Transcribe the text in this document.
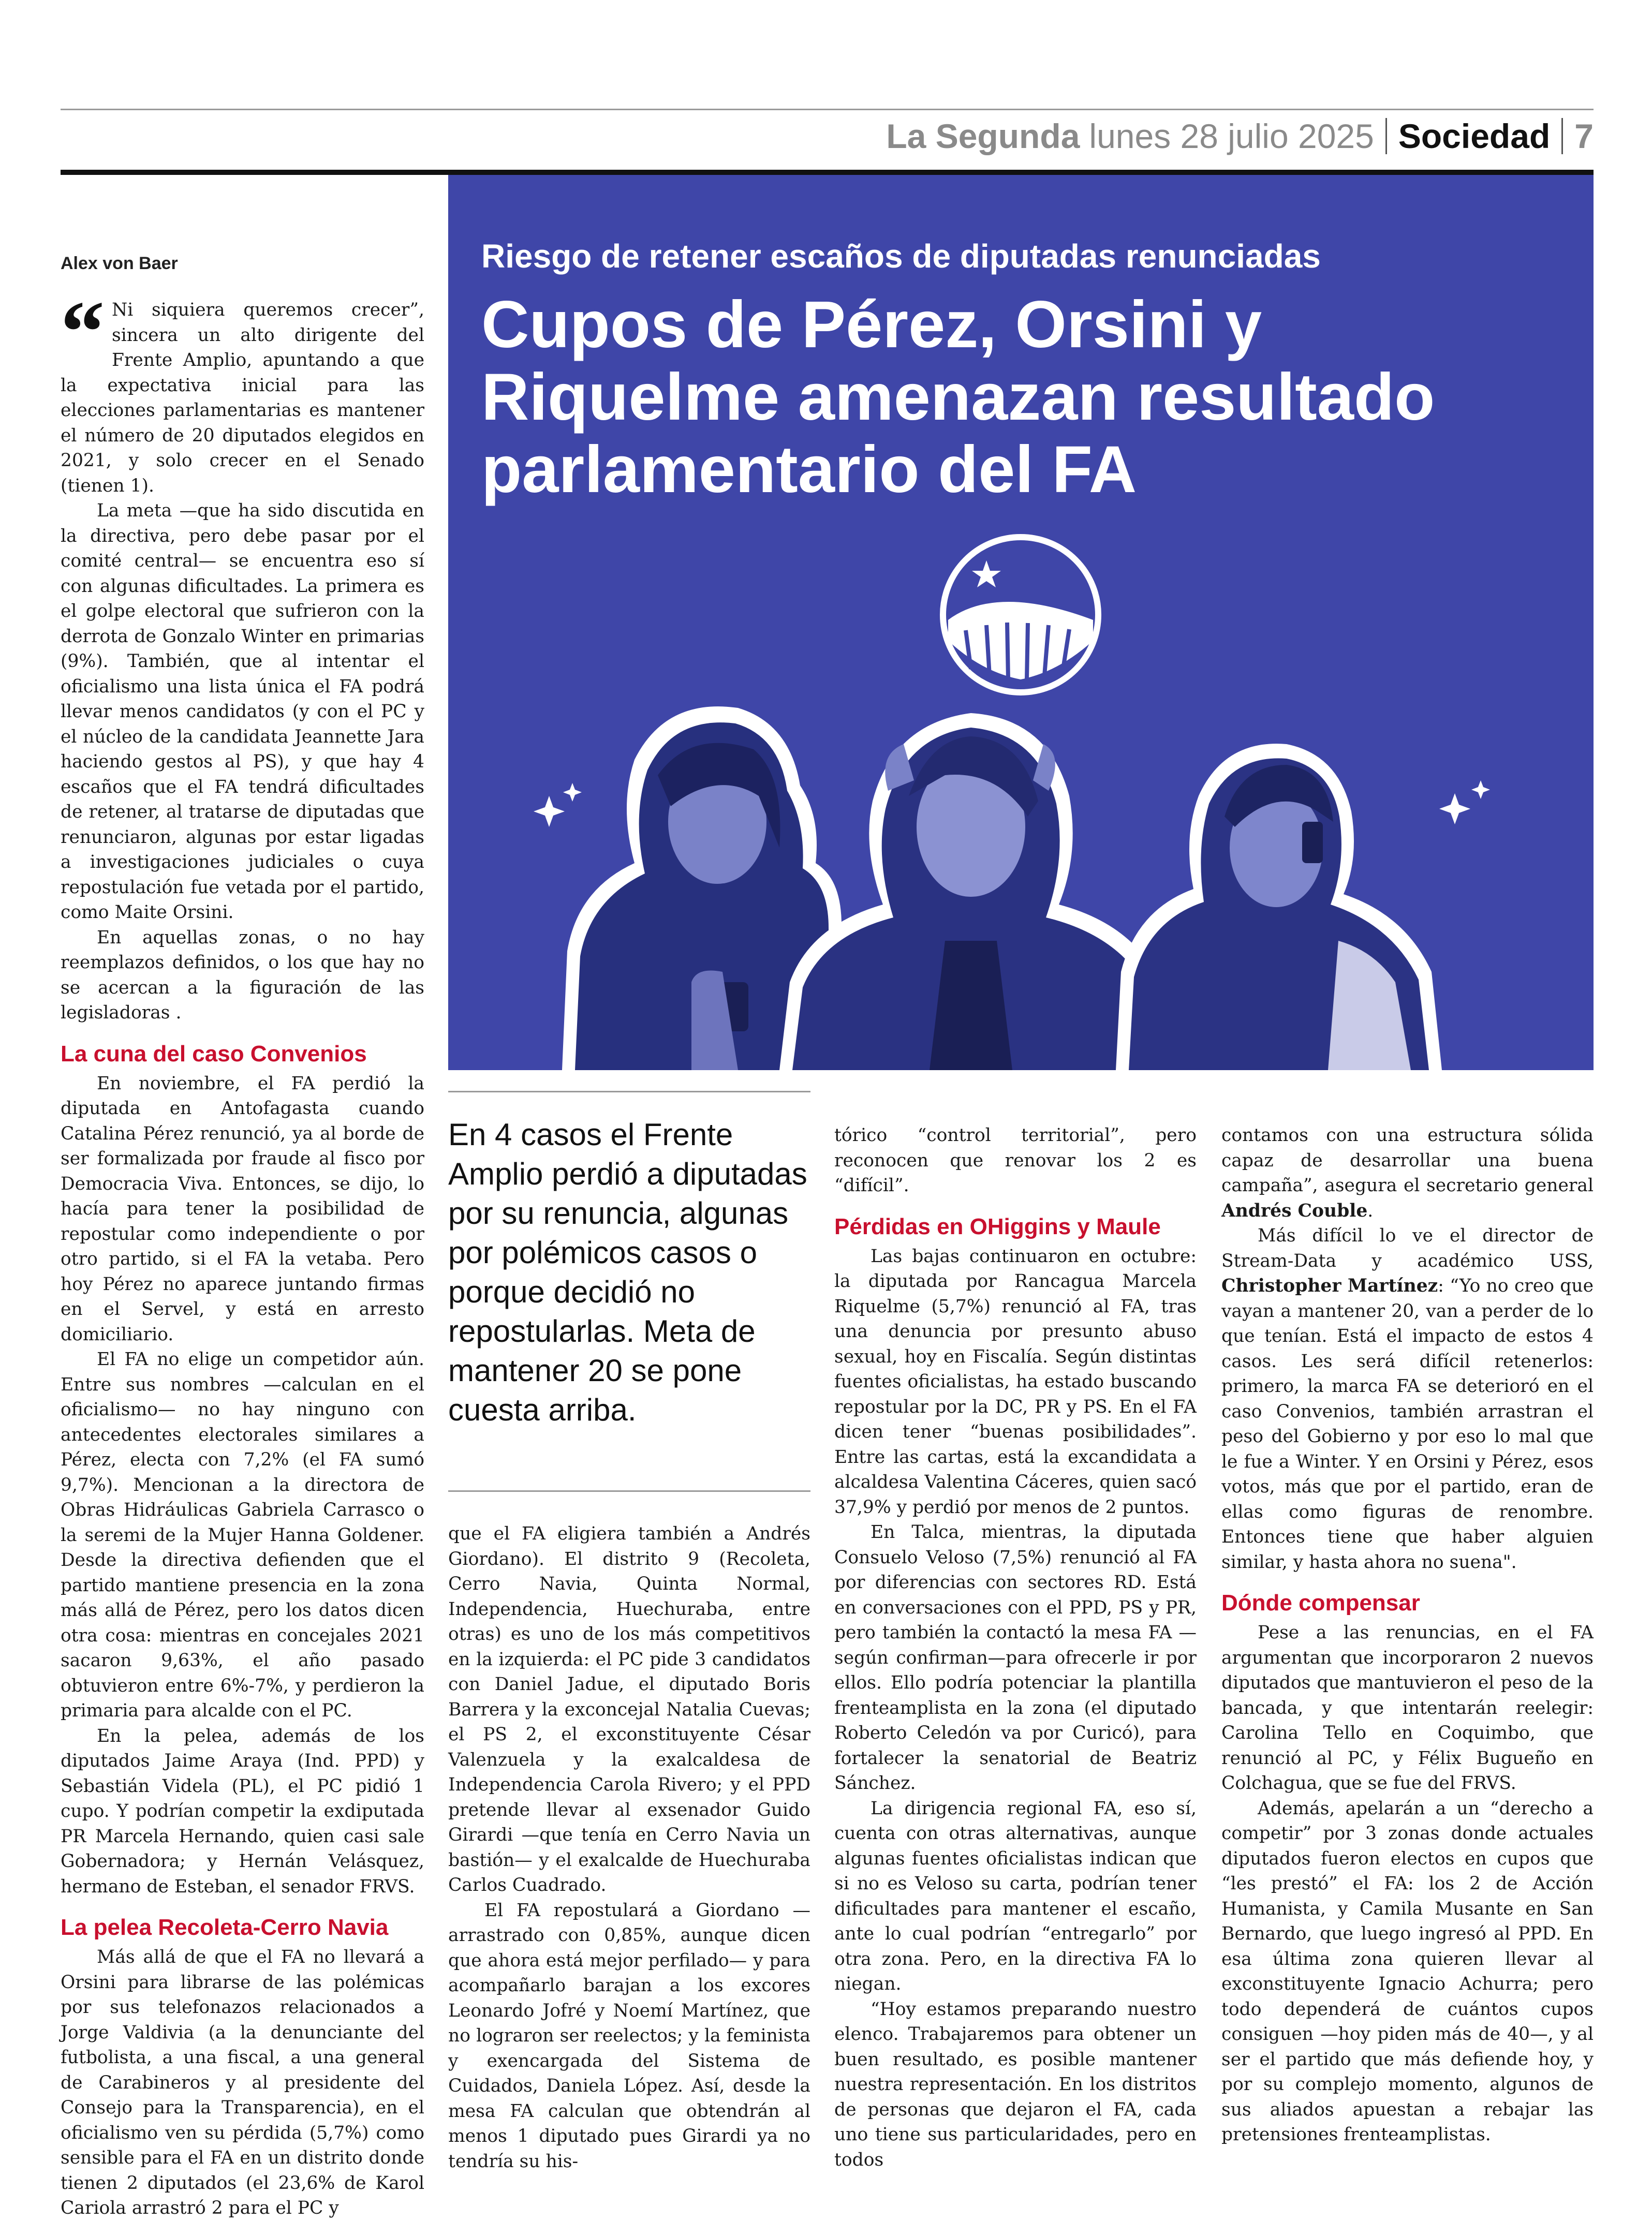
La Segunda lunes 28 julio 2025 Sociedad 7
Riesgo de retener escaños de diputadas renunciadas
Cupos de Pérez, Orsini y Riquelme amenazan resultado parlamentario del FA
Alex von Baer

“ Ni siquiera queremos crecer”, sincera un alto dirigente del Frente Amplio, apuntando a que la expectativa inicial para las elecciones parlamentarias es mantener el número de 20 diputados elegidos en 2021, y solo crecer en el Senado (tienen 1).

La meta —que ha sido discutida en la directiva, pero debe pasar por el comité central— se encuentra eso sí con algunas dificultades. La primera es el golpe electoral que sufrieron con la derrota de Gonzalo Winter en primarias (9%). También, que al intentar el oficialismo una lista única el FA podrá llevar menos candidatos (y con el PC y el núcleo de la candidata Jeannette Jara haciendo gestos al PS), y que hay 4 escaños que el FA tendrá dificultades de retener, al tratarse de diputadas que renunciaron, algunas por estar ligadas a investigaciones judiciales o cuya repostulación fue vetada por el partido, como Maite Orsini.

En aquellas zonas, o no hay reemplazos definidos, o los que hay no se acercan a la figuración de las legisladoras .

La cuna del caso Convenios

En noviembre, el FA perdió la diputada en Antofagasta cuando Catalina Pérez renunció, ya al borde de ser formalizada por fraude al fisco por Democracia Viva. Entonces, se dijo, lo hacía para tener la posibilidad de repostular como independiente o por otro partido, si el FA la vetaba. Pero hoy Pérez no aparece juntando firmas en el Servel, y está en arresto domiciliario.

El FA no elige un competidor aún. Entre sus nombres —calculan en el oficialismo— no hay ninguno con antecedentes electorales similares a Pérez, electa con 7,2% (el FA sumó 9,7%). Mencionan a la directora de Obras Hidráulicas Gabriela Carrasco o la seremi de la Mujer Hanna Goldener. Desde la directiva defienden que el partido mantiene presencia en la zona más allá de Pérez, pero los datos dicen otra cosa: mientras en concejales 2021 sacaron 9,63%, el año pasado obtuvieron entre 6%-7%, y perdieron la primaria para alcalde con el PC.

En la pelea, además de los diputados Jaime Araya (Ind. PPD) y Sebastián Videla (PL), el PC pidió 1 cupo. Y podrían competir la exdiputada PR Marcela Hernando, quien casi sale Gobernadora; y Hernán Velásquez, hermano de Esteban, el senador FRVS.

La pelea Recoleta-Cerro Navia

Más allá de que el FA no llevará a Orsini para librarse de las polémicas por sus telefonazos relacionados a Jorge Valdivia (a la denunciante del futbolista, a una fiscal, a una general de Carabineros y al presidente del Consejo para la Transparencia), en el oficialismo ven su pérdida (5,7%) como sensible para el FA en un distrito donde tienen 2 diputados (el 23,6% de Karol Cariola arrastró 2 para el PC y

En 4 casos el Frente Amplio perdió a diputadas por su renuncia, algunas por polémicos casos o porque decidió no repostularlas. Meta de mantener 20 se pone cuesta arriba.

que el FA eligiera también a Andrés Giordano). El distrito 9 (Recoleta, Cerro Navia, Quinta Normal, Independencia, Huechuraba, entre otras) es uno de los más competitivos en la izquierda: el PC pide 3 candidatos con Daniel Jadue, el diputado Boris Barrera y la exconcejal Natalia Cuevas; el PS 2, el exconstituyente César Valenzuela y la exalcaldesa de Independencia Carola Rivero; y el PPD pretende llevar al exsenador Guido Girardi —que tenía en Cerro Navia un bastión— y el exalcalde de Huechuraba Carlos Cuadrado.

El FA repostulará a Giordano —arrastrado con 0,85%, aunque dicen que ahora está mejor perfilado— y para acompañarlo barajan a los excores Leonardo Jofré y Noemí Martínez, que no lograron ser reelectos; y la feminista y exencargada del Sistema de Cuidados, Daniela López. Así, desde la mesa FA calculan que obtendrán al menos 1 diputado pues Girardi ya no tendría su his-

tórico “control territorial”, pero reconocen que renovar los 2 es “difícil”.

Pérdidas en OHiggins y Maule

Las bajas continuaron en octubre: la diputada por Rancagua Marcela Riquelme (5,7%) renunció al FA, tras una denuncia por presunto abuso sexual, hoy en Fiscalía. Según distintas fuentes oficialistas, ha estado buscando repostular por la DC, PR y PS. En el FA dicen tener “buenas posibilidades”. Entre las cartas, está la excandidata a alcaldesa Valentina Cáceres, quien sacó 37,9% y perdió por menos de 2 puntos.

En Talca, mientras, la diputada Consuelo Veloso (7,5%) renunció al FA por diferencias con sectores RD. Está en conversaciones con el PPD, PS y PR, pero también la contactó la mesa FA —según confirman—para ofrecerle ir por ellos. Ello podría potenciar la plantilla frenteamplista en la zona (el diputado Roberto Celedón va por Curicó), para fortalecer la senatorial de Beatriz Sánchez.

La dirigencia regional FA, eso sí, cuenta con otras alternativas, aunque algunas fuentes oficialistas indican que si no es Veloso su carta, podrían tener dificultades para mantener el escaño, ante lo cual podrían “entregarlo” por otra zona. Pero, en la directiva FA lo niegan.

“Hoy estamos preparando nuestro elenco. Trabajaremos para obtener un buen resultado, es posible mantener nuestra representación. En los distritos de personas que dejaron el FA, cada uno tiene sus particularidades, pero en todos

contamos con una estructura sólida capaz de desarrollar una buena campaña”, asegura el secretario general Andrés Couble.

Más difícil lo ve el director de Stream-Data y académico USS, Christopher Martínez: “Yo no creo que vayan a mantener 20, van a perder de lo que tenían. Está el impacto de estos 4 casos. Les será difícil retenerlos: primero, la marca FA se deterioró en el caso Convenios, también arrastran el peso del Gobierno y por eso lo mal que le fue a Winter. Y en Orsini y Pérez, esos votos, más que por el partido, eran de ellas como figuras de renombre. Entonces tiene que haber alguien similar, y hasta ahora no suena".

Dónde compensar

Pese a las renuncias, en el FA argumentan que incorporaron 2 nuevos diputados que mantuvieron el peso de la bancada, y que intentarán reelegir: Carolina Tello en Coquimbo, que renunció al PC, y Félix Bugueño en Colchagua, que se fue del FRVS.

Además, apelarán a un “derecho a competir” por 3 zonas donde actuales diputados fueron electos en cupos que “les prestó” el FA: los 2 de Acción Humanista, y Camila Musante en San Bernardo, que luego ingresó al PPD. En esa última zona quieren llevar al exconstituyente Ignacio Achurra; pero todo dependerá de cuántos cupos consiguen —hoy piden más de 40—, y al ser el partido que más defiende hoy, y por su complejo momento, algunos de sus aliados apuestan a rebajar las pretensiones frenteamplistas.
